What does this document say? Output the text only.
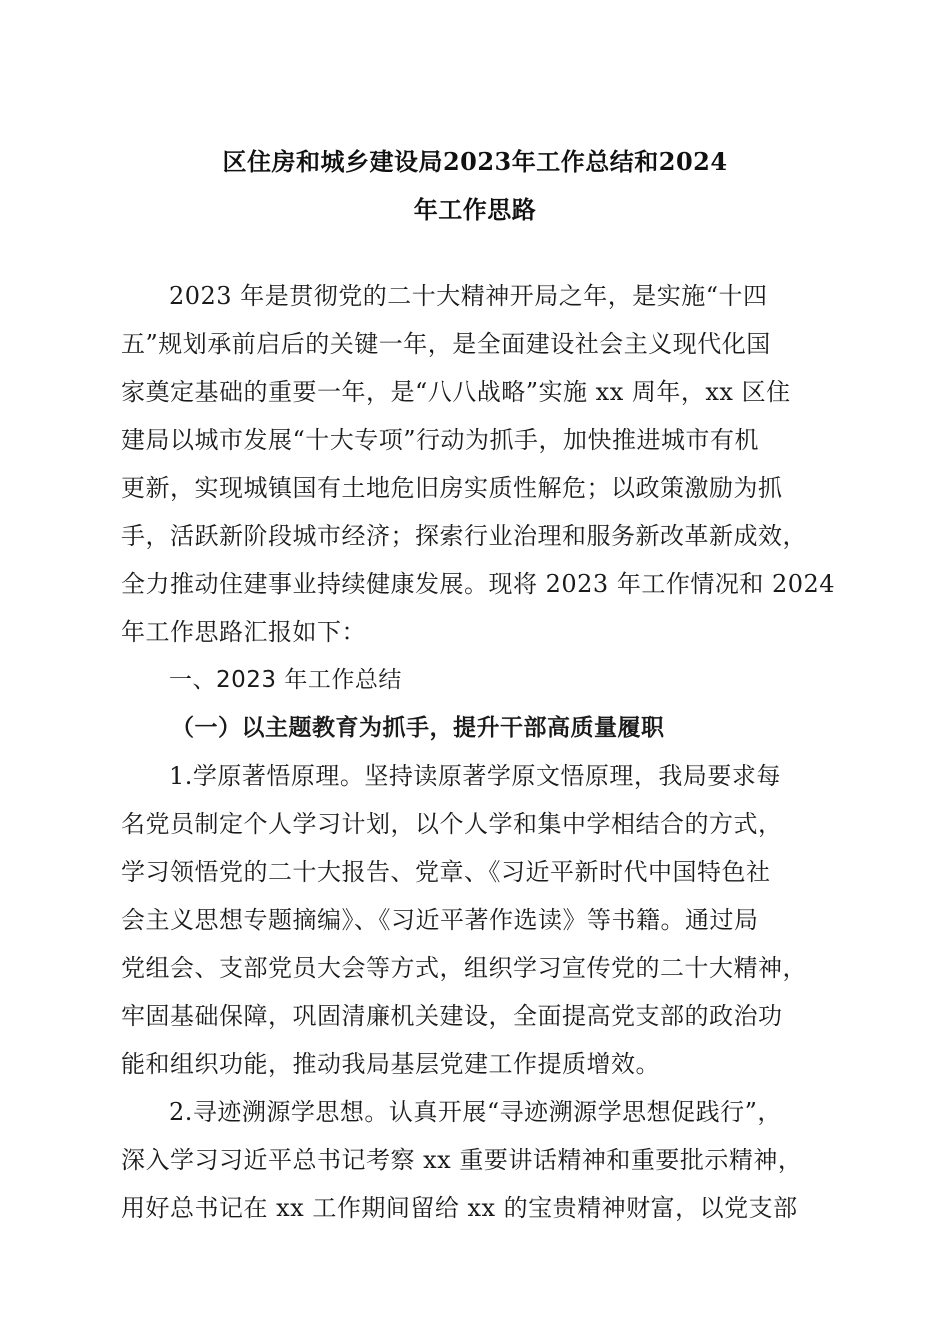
区住房和城乡建设局2023年工作总结和2024
年工作思路
2023 年是贯彻党的二十大精神开局之年，是实施“十四
五”规划承前启后的关键一年，是全面建设社会主义现代化国
家奠定基础的重要一年，是“八八战略”实施 xx 周年，xx 区住
建局以城市发展“十大专项”行动为抓手，加快推进城市有机
更新，实现城镇国有土地危旧房实质性解危；以政策激励为抓
手，活跃新阶段城市经济；探索行业治理和服务新改革新成效，
全力推动住建事业持续健康发展。现将 2023 年工作情况和 2024
年工作思路汇报如下：
一、2023 年工作总结
（一）以主题教育为抓手，提升干部高质量履职
1.学原著悟原理。坚持读原著学原文悟原理，我局要求每
名党员制定个人学习计划，以个人学和集中学相结合的方式，
学习领悟党的二十大报告、党章、《习近平新时代中国特色社
会主义思想专题摘编》、《习近平著作选读》等书籍。通过局
党组会、支部党员大会等方式，组织学习宣传党的二十大精神，
牢固基础保障，巩固清廉机关建设，全面提高党支部的政治功
能和组织功能，推动我局基层党建工作提质增效。
2.寻迹溯源学思想。认真开展“寻迹溯源学思想促践行”，
深入学习习近平总书记考察 xx 重要讲话精神和重要批示精神，
用好总书记在 xx 工作期间留给 xx 的宝贵精神财富，以党支部
